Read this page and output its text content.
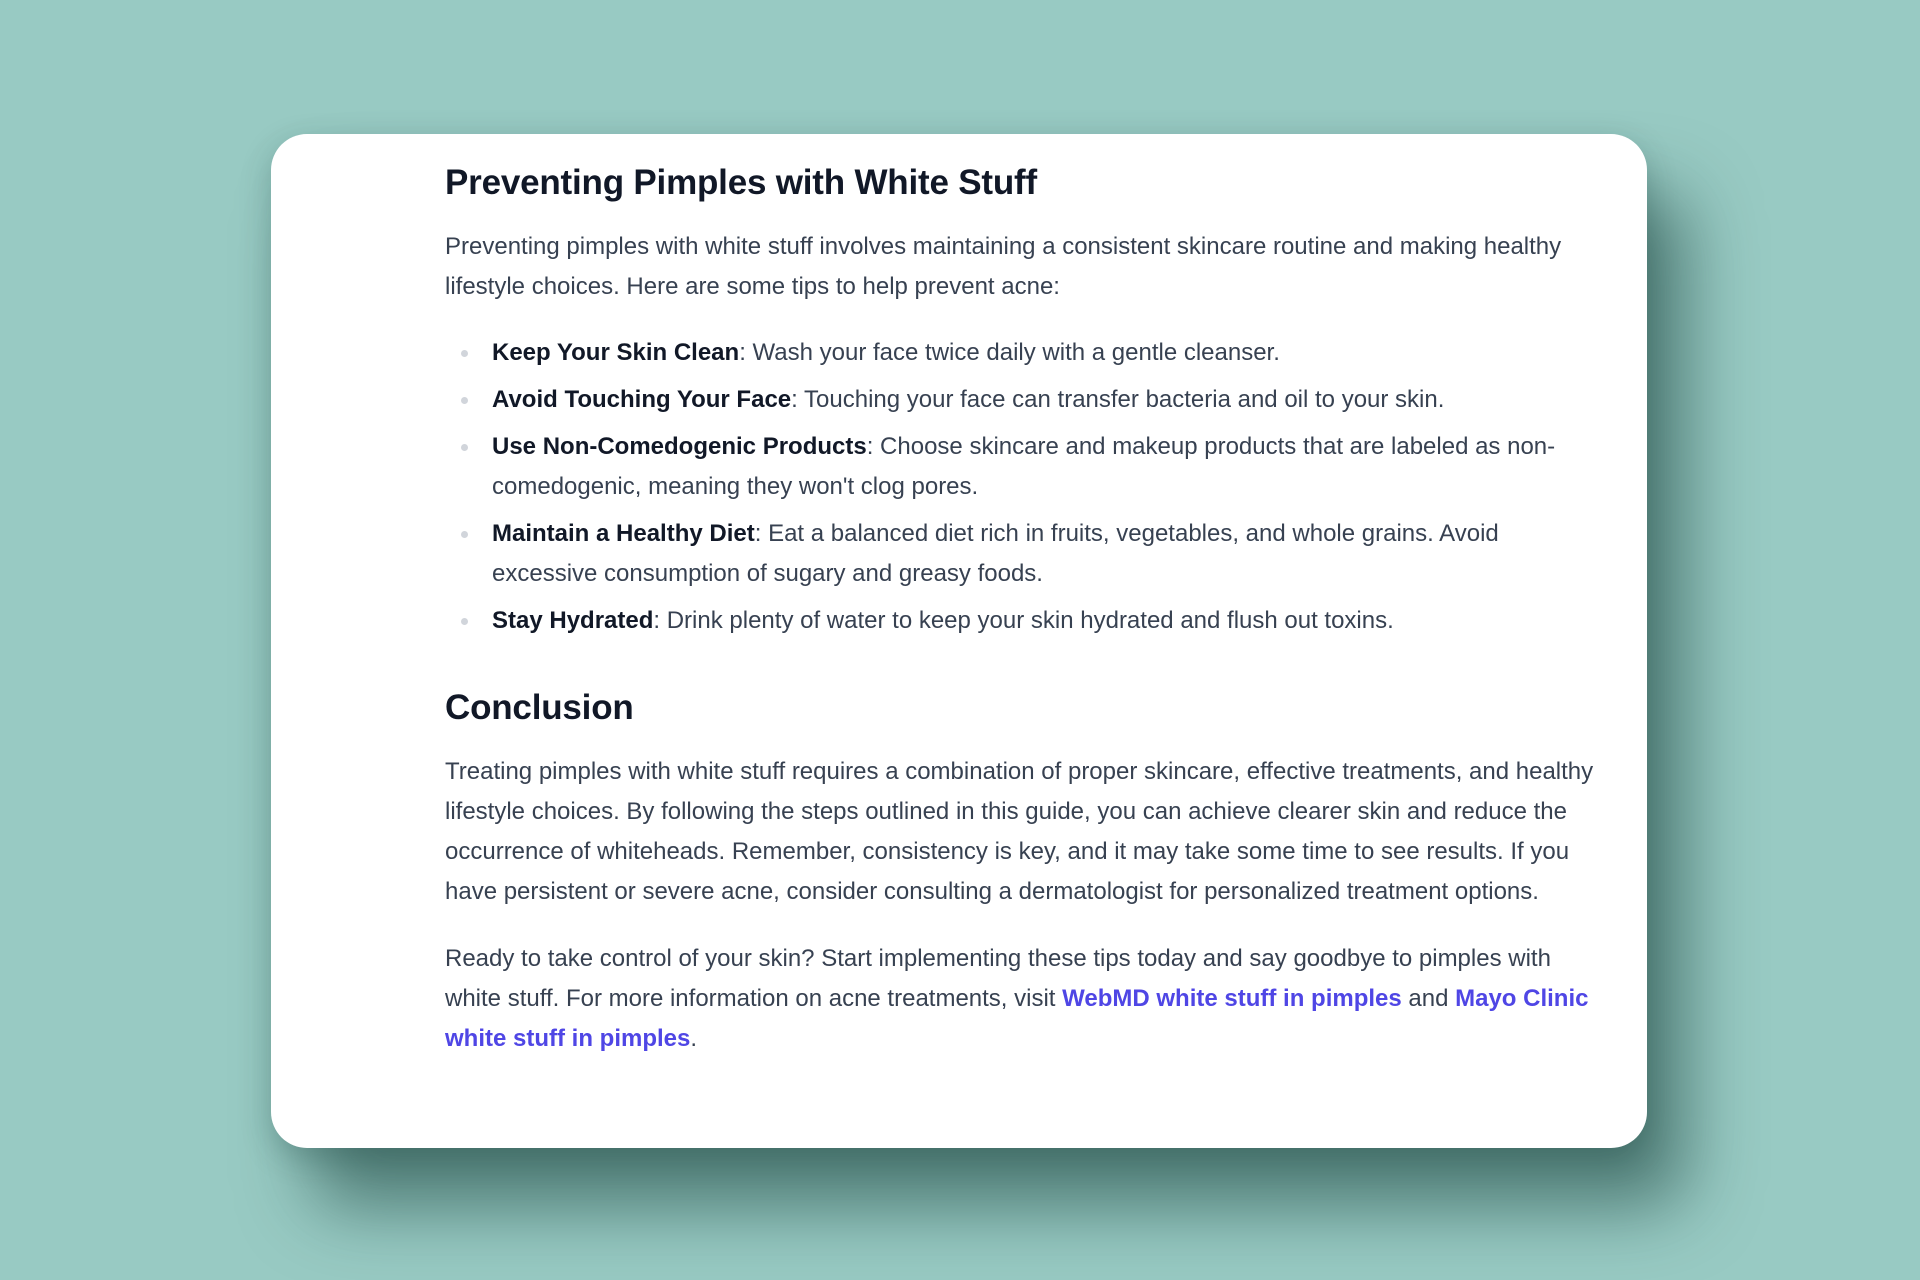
Preventing Pimples with White Stuff

Preventing pimples with white stuff involves maintaining a consistent skincare routine and making healthy lifestyle choices. Here are some tips to help prevent acne:

Keep Your Skin Clean: Wash your face twice daily with a gentle cleanser.
Avoid Touching Your Face: Touching your face can transfer bacteria and oil to your skin.
Use Non-Comedogenic Products: Choose skincare and makeup products that are labeled as non-comedogenic, meaning they won't clog pores.
Maintain a Healthy Diet: Eat a balanced diet rich in fruits, vegetables, and whole grains. Avoid excessive consumption of sugary and greasy foods.
Stay Hydrated: Drink plenty of water to keep your skin hydrated and flush out toxins.
Conclusion

Treating pimples with white stuff requires a combination of proper skincare, effective treatments, and healthy lifestyle choices. By following the steps outlined in this guide, you can achieve clearer skin and reduce the occurrence of whiteheads. Remember, consistency is key, and it may take some time to see results. If you have persistent or severe acne, consider consulting a dermatologist for personalized treatment options.

Ready to take control of your skin? Start implementing these tips today and say goodbye to pimples with white stuff. For more information on acne treatments, visit WebMD white stuff in pimples and Mayo Clinic white stuff in pimples.
